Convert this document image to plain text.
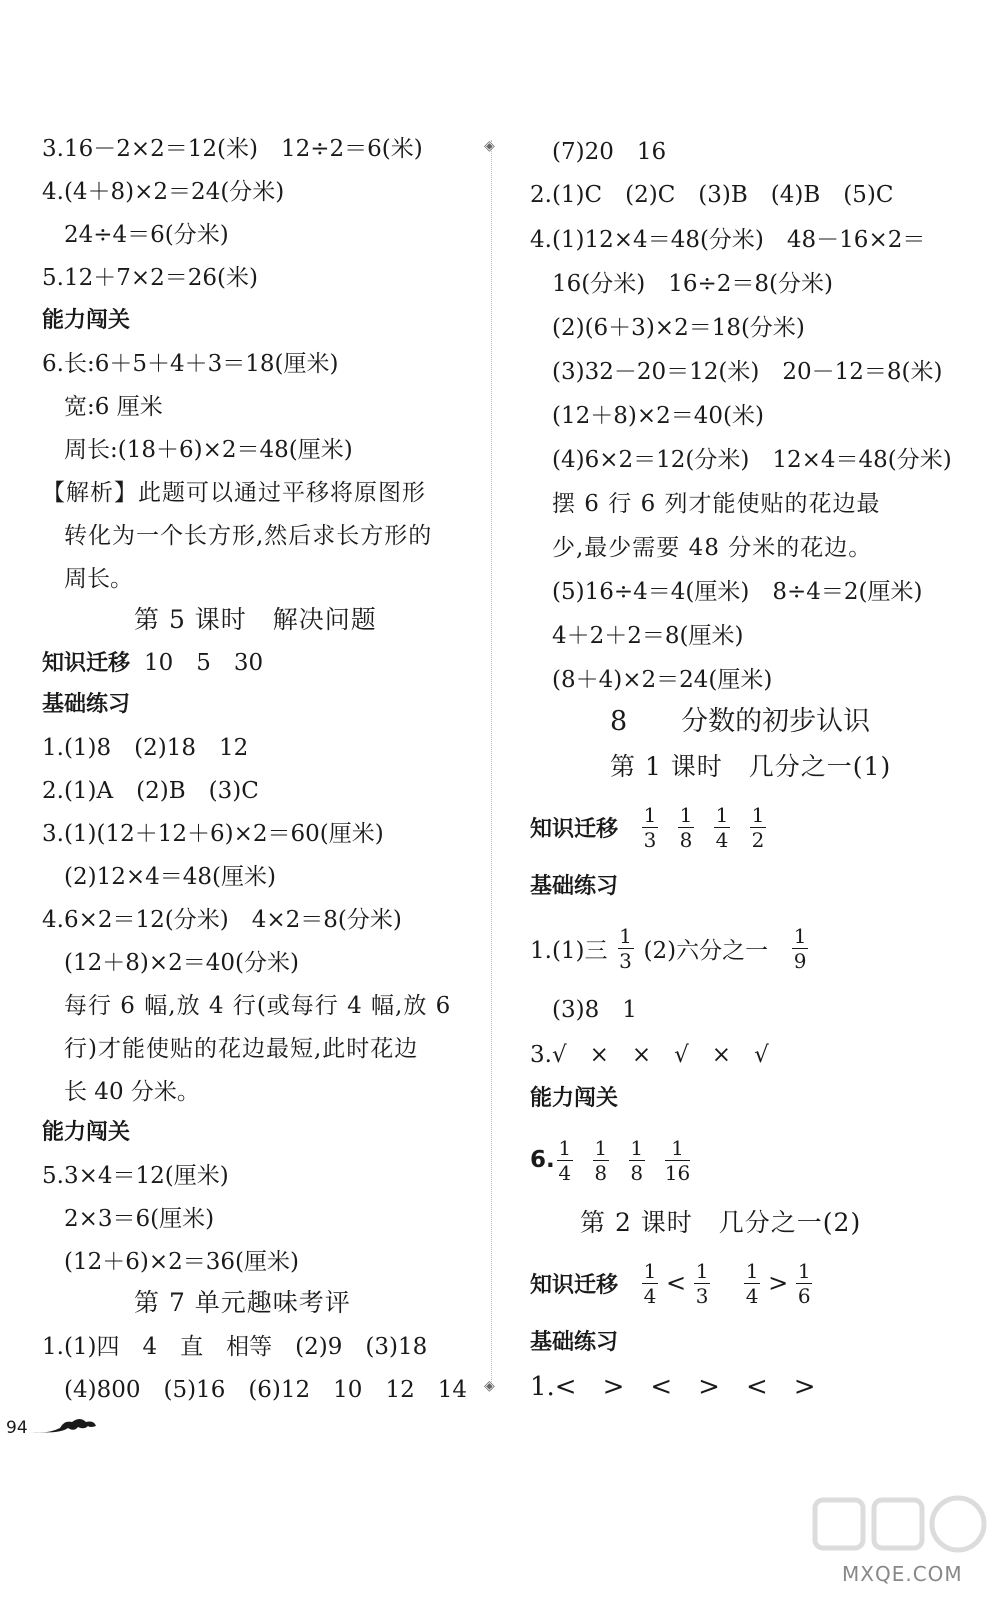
◈
◈
3.16－2×2＝12(米)　12÷2＝6(米)
4.(4＋8)×2＝24(分米)
24÷4＝6(分米)
5.12＋7×2＝26(米)
能力闯关
6.长:6＋5＋4＋3＝18(厘米)
宽:6 厘米
周长:(18＋6)×2＝48(厘米)
【解析】此题可以通过平移将原图形
转化为一个长方形,然后求长方形的
周长。
第 5 课时　解决问题
知识迁移 10　5　30
基础练习
1.(1)8　(2)18　12
2.(1)A　(2)B　(3)C
3.(1)(12＋12＋6)×2＝60(厘米)
(2)12×4＝48(厘米)
4.6×2＝12(分米)　4×2＝8(分米)
(12＋8)×2＝40(分米)
每行 6 幅,放 4 行(或每行 4 幅,放 6
行)才能使贴的花边最短,此时花边
长 40 分米。
能力闯关
5.3×4＝12(厘米)
2×3＝6(厘米)
(12＋6)×2＝36(厘米)
第 7 单元趣味考评
1.(1)四　4　直　相等　(2)9　(3)18
(4)800　(5)16　(6)12　10　12　14
(7)20　16
2.(1)C　(2)C　(3)B　(4)B　(5)C
4.(1)12×4＝48(分米)　48－16×2＝
16(分米)　16÷2＝8(分米)
(2)(6＋3)×2＝18(分米)
(3)32－20＝12(米)　20－12＝8(米)
(12＋8)×2＝40(米)
(4)6×2＝12(分米)　12×4＝48(分米)
摆 6 行 6 列才能使贴的花边最
少,最少需要 48 分米的花边。
(5)16÷4＝4(厘米)　8÷4＝2(厘米)
4＋2＋2＝8(厘米)
(8＋4)×2＝24(厘米)
8　　分数的初步认识
第 1 课时　几分之一(1)
知识迁移 $\frac{1}{3} \frac{1}{8} \frac{1}{4} \frac{1}{2}$
基础练习
1.(1)三 $\frac{1}{3} (2)$六分之一 $\frac{1}{9}$
(3)8　1
3.√　×　×　√　×　√
能力闯关
6. $\frac{1}{4} \frac{1}{8} \frac{1}{8} \frac{1}{16}$
第 2 课时　几分之一(2)
知识迁移 $\frac{1}{4} < \frac{1}{3} \frac{1}{4} > \frac{1}{6}$
基础练习
1.<　>　<　>　<　>
94
MXQE.COM
